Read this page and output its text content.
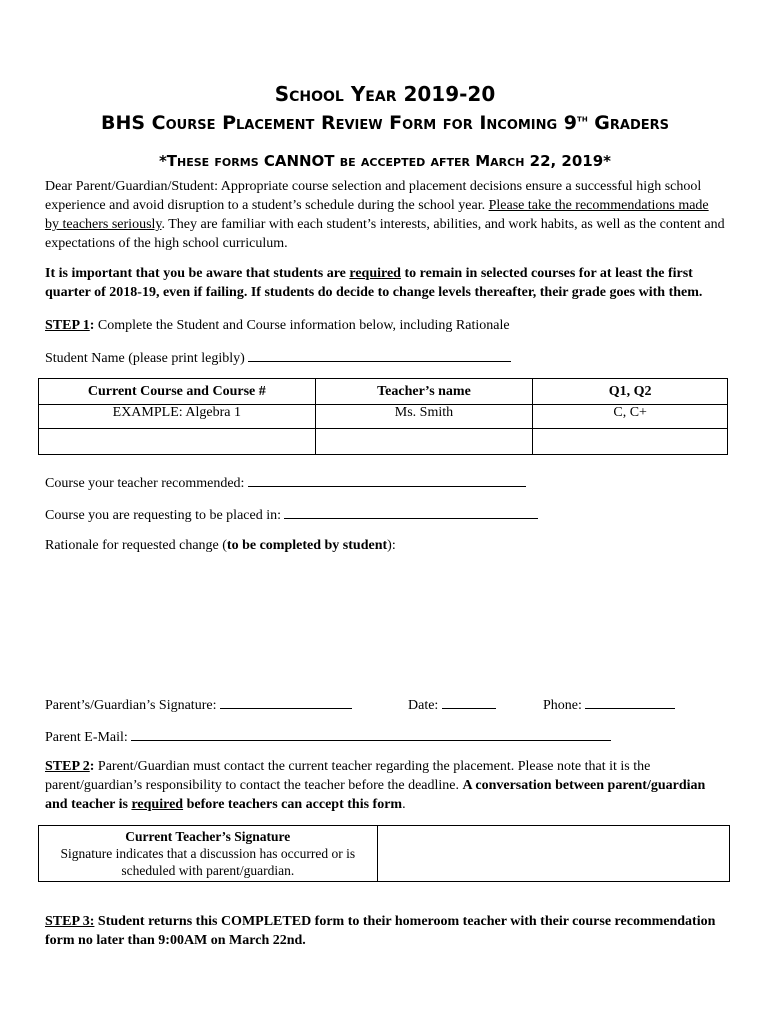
School Year 2019-20
BHS Course Placement Review Form for Incoming 9th Graders
*These forms CANNOT be accepted after March 22, 2019*
Dear Parent/Guardian/Student: Appropriate course selection and placement decisions ensure a successful high school experience and avoid disruption to a student’s schedule during the school year. Please take the recommendations made by teachers seriously. They are familiar with each student’s interests, abilities, and work habits, as well as the content and expectations of the high school curriculum.
It is important that you be aware that students are required to remain in selected courses for at least the first quarter of 2018-19, even if failing. If students do decide to change levels thereafter, their grade goes with them.
STEP 1: Complete the Student and Course information below, including Rationale
Student Name (please print legibly)
Current Course and Course #	Teacher’s name	Q1, Q2
EXAMPLE: Algebra 1	Ms. Smith	C, C+

Course your teacher recommended:
Course you are requesting to be placed in:
Rationale for requested change (to be completed by student):
Parent’s/Guardian’s Signature:	Date:	Phone:
Parent E-Mail:
STEP 2: Parent/Guardian must contact the current teacher regarding the placement. Please note that it is the parent/guardian’s responsibility to contact the teacher before the deadline. A conversation between parent/guardian and teacher is required before teachers can accept this form.
Current Teacher’s Signature
Signature indicates that a discussion has occurred or is scheduled with parent/guardian.

STEP 3: Student returns this COMPLETED form to their homeroom teacher with their course recommendation form no later than 9:00AM on March 22nd.
